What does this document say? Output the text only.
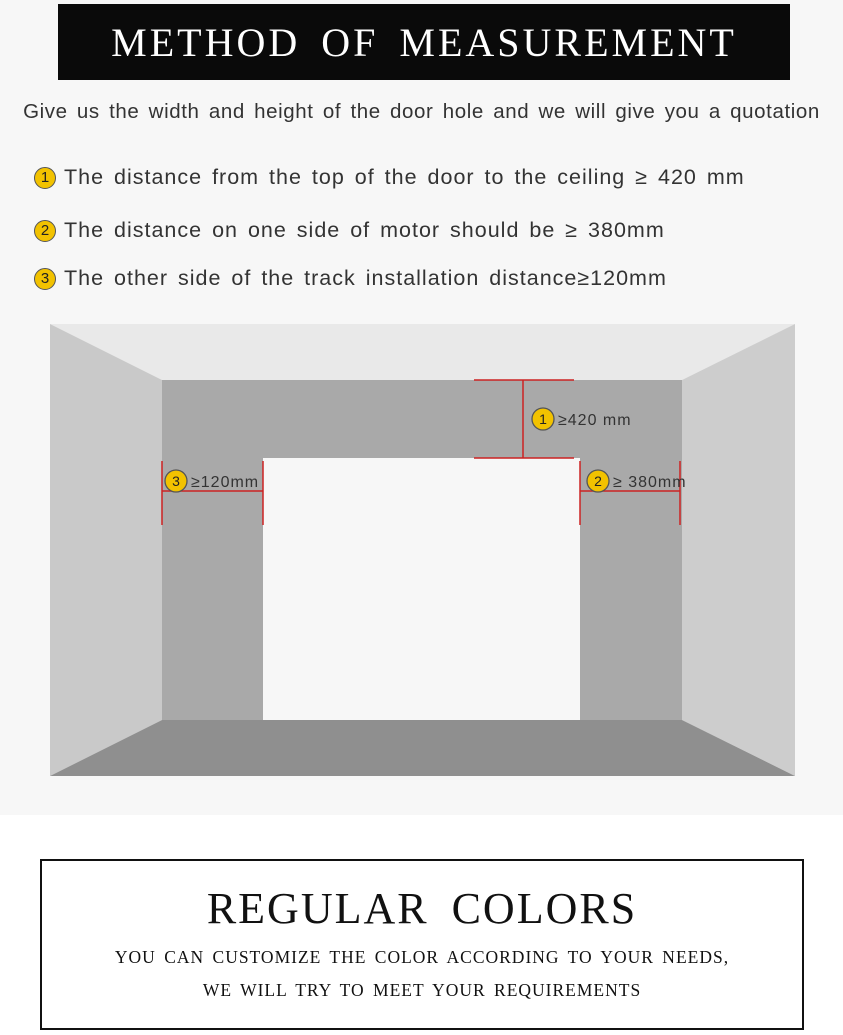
METHOD OF MEASUREMENT
Give us the width and height of the door hole and we will give you a quotation
1 The distance from the top of the door to the ceiling ≥ 420 mm
2 The distance on one side of motor should be ≥ 380mm
3 The other side of the track installation distance≥120mm
1 ≥420 mm
3 ≥120mm	2 ≥ 380mm
REGULAR COLORS
YOU CAN CUSTOMIZE THE COLOR ACCORDING TO YOUR NEEDS,
WE WILL TRY TO MEET YOUR REQUIREMENTS
